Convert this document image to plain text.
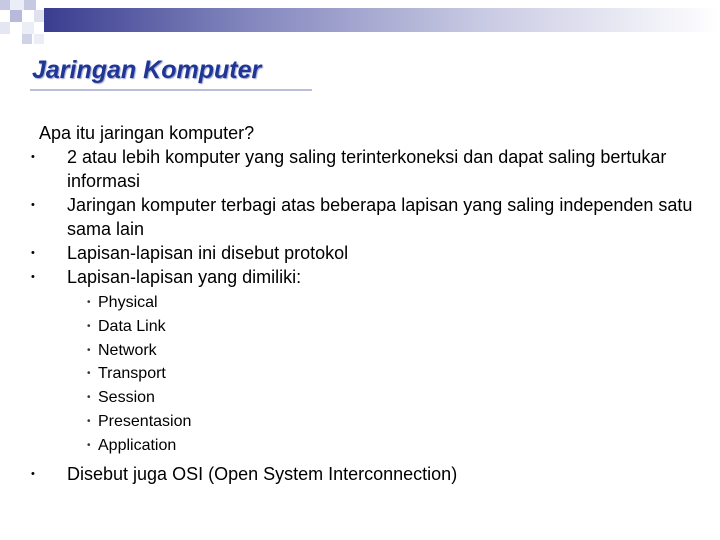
Jaringan Komputer
Apa itu jaringan komputer?
• 2 atau lebih komputer yang saling terinterkoneksi dan dapat saling bertukar informasi
• Jaringan komputer terbagi atas beberapa lapisan yang saling independen satu sama lain
• Lapisan-lapisan ini disebut protokol
• Lapisan-lapisan yang dimiliki:
• Physical
• Data Link
• Network
• Transport
• Session
• Presentasion
• Application
• Disebut juga OSI (Open System Interconnection)
